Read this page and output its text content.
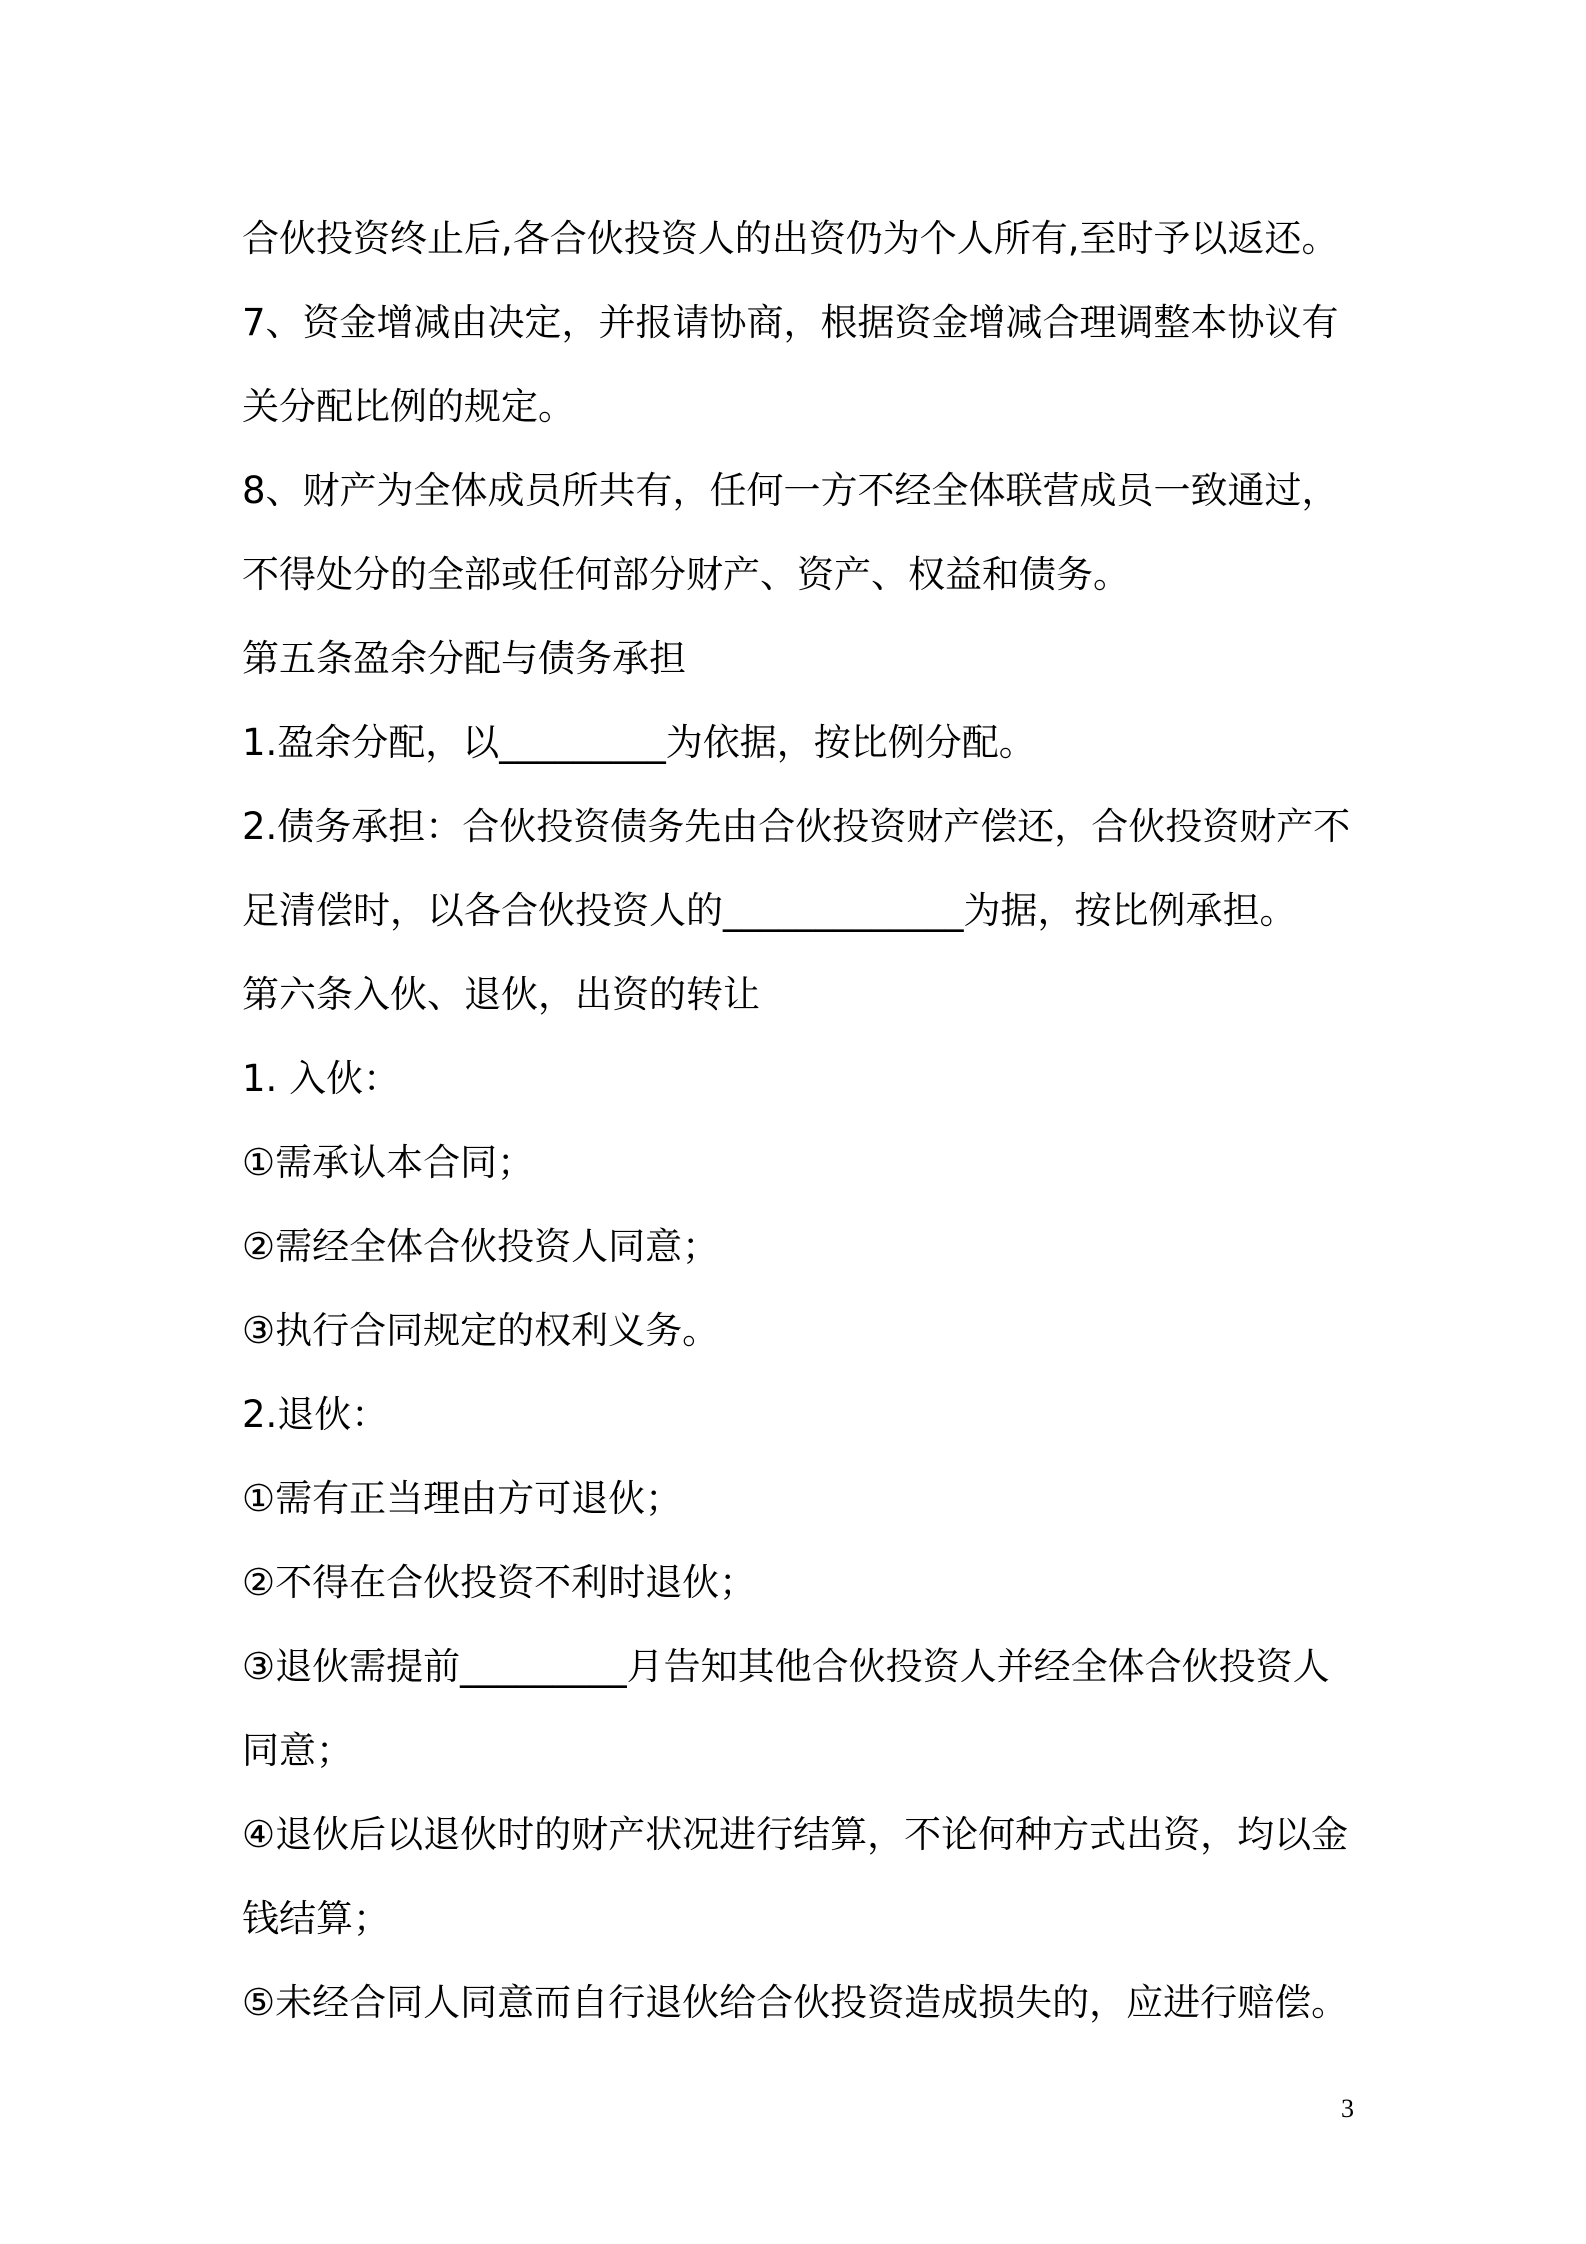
合伙投资终止后,各合伙投资人的出资仍为个人所有,至时予以返还。
7、资金增减由决定，并报请协商，根据资金增减合理调整本协议有
关分配比例的规定。
8、财产为全体成员所共有，任何一方不经全体联营成员一致通过，
不得处分的全部或任何部分财产、资产、权益和债务。
第五条盈余分配与债务承担
1.盈余分配，以_________为依据，按比例分配。
2.债务承担：合伙投资债务先由合伙投资财产偿还，合伙投资财产不
足清偿时，以各合伙投资人的_____________为据，按比例承担。
第六条入伙、退伙，出资的转让
1. 入伙：
①需承认本合同；
②需经全体合伙投资人同意；
③执行合同规定的权利义务。
2.退伙：
①需有正当理由方可退伙；
②不得在合伙投资不利时退伙；
③退伙需提前_________月告知其他合伙投资人并经全体合伙投资人
同意；
④退伙后以退伙时的财产状况进行结算，不论何种方式出资，均以金
钱结算；
⑤未经合同人同意而自行退伙给合伙投资造成损失的，应进行赔偿。
3
